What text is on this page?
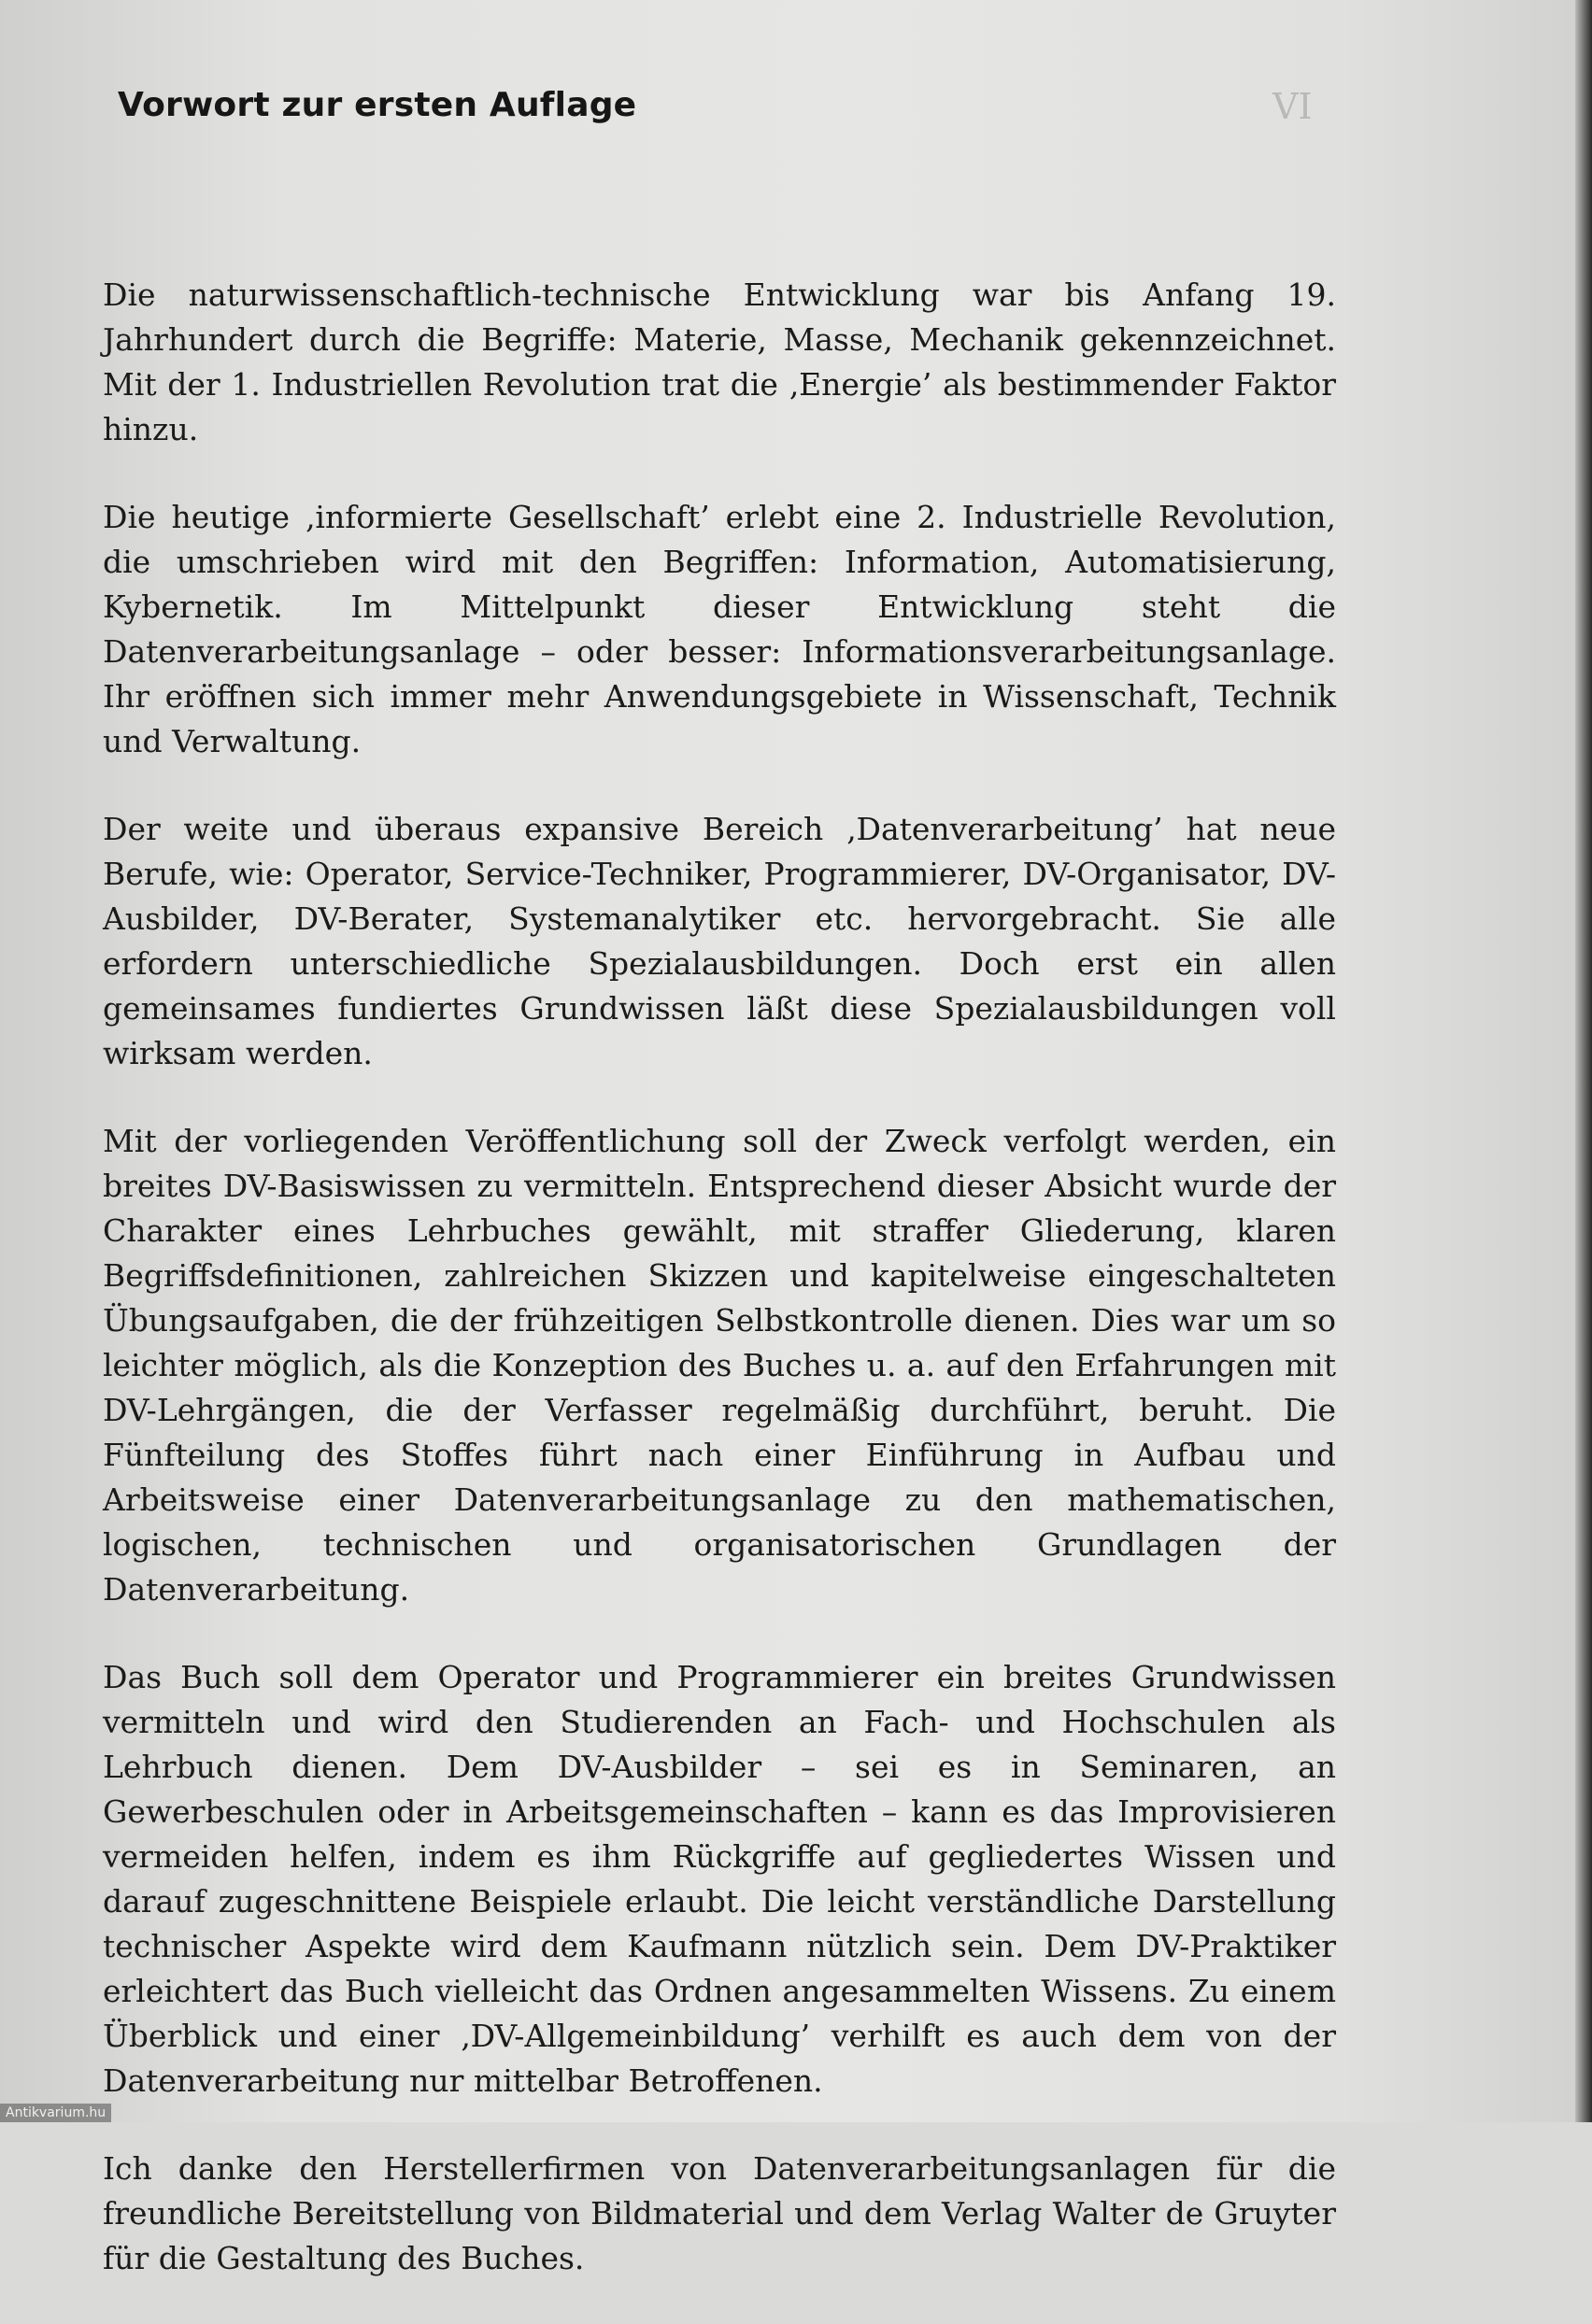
VI
Vorwort zur ersten Auflage

Die naturwissenschaftlich-technische Entwicklung war bis Anfang 19. Jahrhundert durch die Begriffe: Materie, Masse, Mechanik gekennzeichnet. Mit der 1. Industriellen Revolution trat die ‚Energie’ als bestimmender Faktor hinzu.

Die heutige ‚informierte Gesellschaft’ erlebt eine 2. Industrielle Revolution, die umschrieben wird mit den Begriffen: Information, Automatisierung, Kybernetik. Im Mittelpunkt dieser Entwicklung steht die Datenverarbeitungsanlage – oder besser: Informationsverarbeitungsanlage. Ihr eröffnen sich immer mehr Anwendungsgebiete in Wissenschaft, Technik und Verwaltung.

Der weite und überaus expansive Bereich ‚Datenverarbeitung’ hat neue Berufe, wie: Operator, Service-Techniker, Programmierer, DV-Organisator, DV-Ausbilder, DV-Berater, Systemanalytiker etc. hervorgebracht. Sie alle erfordern unterschiedliche Spezialausbildungen. Doch erst ein allen gemeinsames fundiertes Grundwissen läßt diese Spezialausbildungen voll wirksam werden.

Mit der vorliegenden Veröffentlichung soll der Zweck verfolgt werden, ein breites DV-Basiswissen zu vermitteln. Entsprechend dieser Absicht wurde der Charakter eines Lehrbuches gewählt, mit straffer Gliederung, klaren Begriffsdefinitionen, zahlreichen Skizzen und kapitelweise eingeschalteten Übungsaufgaben, die der frühzeitigen Selbstkontrolle dienen. Dies war um so leichter möglich, als die Konzeption des Buches u. a. auf den Erfahrungen mit DV-Lehrgängen, die der Verfasser regelmäßig durchführt, beruht. Die Fünfteilung des Stoffes führt nach einer Einführung in Aufbau und Arbeitsweise einer Datenverarbeitungsanlage zu den mathematischen, logischen, technischen und organisatorischen Grundlagen der Datenverarbeitung.

Das Buch soll dem Operator und Programmierer ein breites Grundwissen vermitteln und wird den Studierenden an Fach- und Hochschulen als Lehrbuch dienen. Dem DV-Ausbilder – sei es in Seminaren, an Gewerbeschulen oder in Arbeitsgemeinschaften – kann es das Improvisieren vermeiden helfen, indem es ihm Rückgriffe auf gegliedertes Wissen und darauf zugeschnittene Beispiele erlaubt. Die leicht verständliche Darstellung technischer Aspekte wird dem Kaufmann nützlich sein. Dem DV-Praktiker erleichtert das Buch vielleicht das Ordnen angesammelten Wissens. Zu einem Überblick und einer ‚DV-Allgemeinbildung’ verhilft es auch dem von der Datenverarbeitung nur mittelbar Betroffenen.

Ich danke den Herstellerfirmen von Datenverarbeitungsanlagen für die freundliche Bereitstellung von Bildmaterial und dem Verlag Walter de Gruyter für die Gestaltung des Buches.

Antikvarium.hu
